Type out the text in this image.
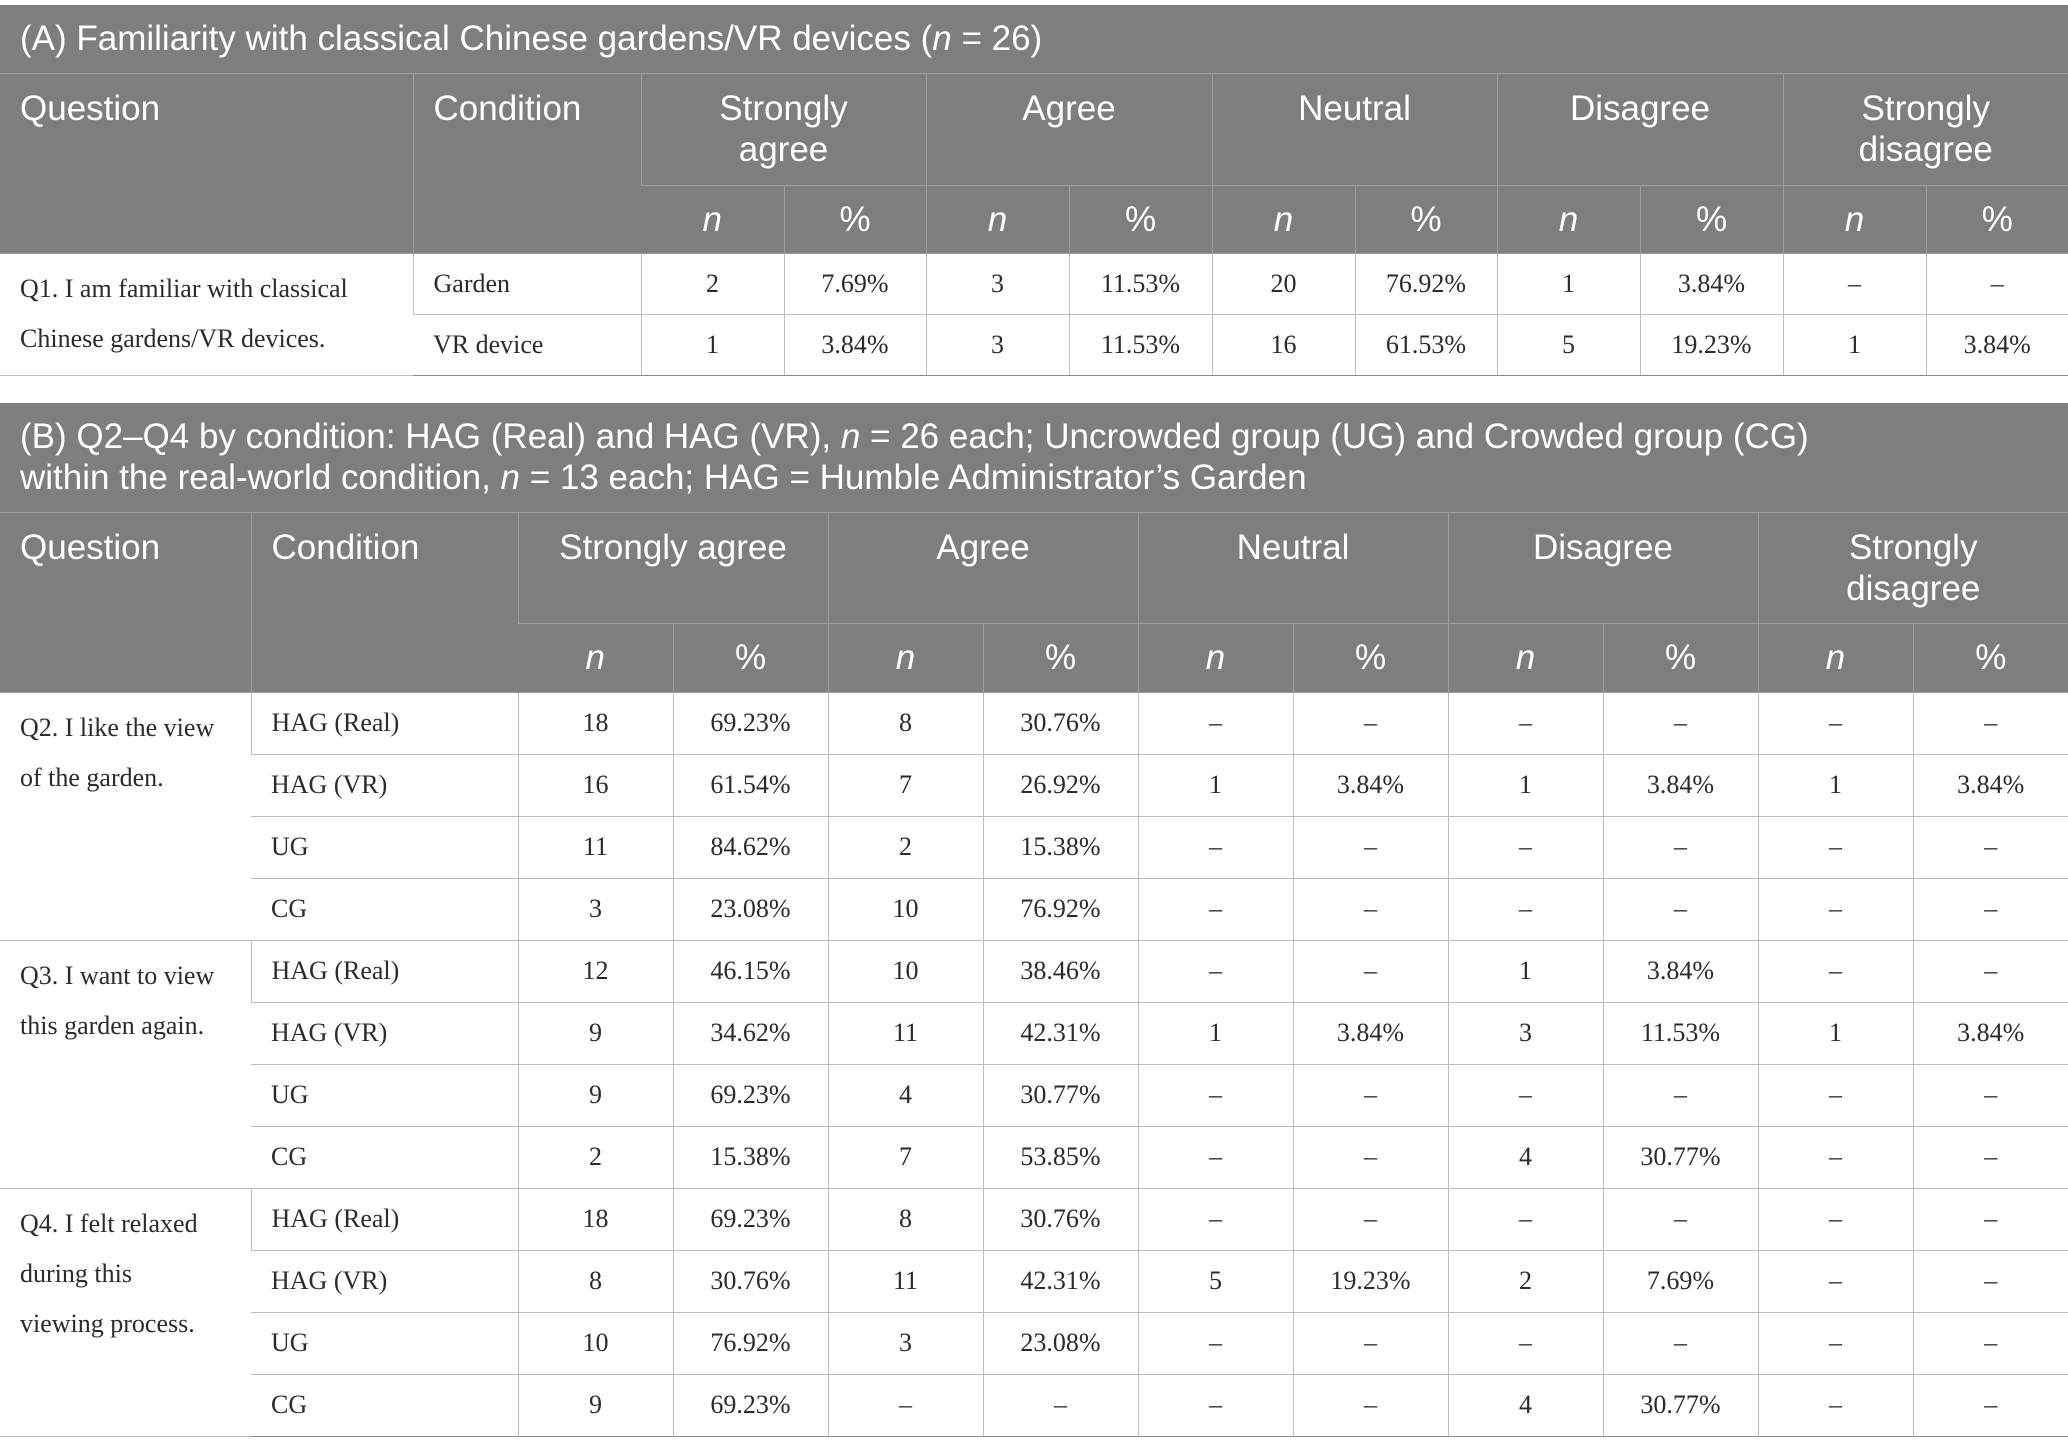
(A) Familiarity with classical Chinese gardens/VR devices (n = 26)											
Question	Condition	Strongly
agree		Agree		Neutral		Disagree		Strongly
disagree	
		n	%	n	%	n	%	n	%	n	%
Q1. I am familiar with classical Chinese gardens/VR devices.	Garden	2	7.69%	3	11.53%	20	76.92%	1	3.84%	–	–
	VR device	1	3.84%	3	11.53%	16	61.53%	5	19.23%	1	3.84%
(B) Q2–Q4 by condition: HAG (Real) and HAG (VR), n = 26 each; Uncrowded group (UG) and Crowded group (CG)
within the real-world condition, n = 13 each; HAG = Humble Administrator’s Garden											
Question	Condition	Strongly agree		Agree		Neutral		Disagree		Strongly
disagree	
		n	%	n	%	n	%	n	%	n	%
Q2. I like the view of the garden.	HAG (Real)	18	69.23%	8	30.76%	–	–	–	–	–	–
	HAG (VR)	16	61.54%	7	26.92%	1	3.84%	1	3.84%	1	3.84%
	UG	11	84.62%	2	15.38%	–	–	–	–	–	–
	CG	3	23.08%	10	76.92%	–	–	–	–	–	–
Q3. I want to view this garden again.	HAG (Real)	12	46.15%	10	38.46%	–	–	1	3.84%	–	–
	HAG (VR)	9	34.62%	11	42.31%	1	3.84%	3	11.53%	1	3.84%
	UG	9	69.23%	4	30.77%	–	–	–	–	–	–
	CG	2	15.38%	7	53.85%	–	–	4	30.77%	–	–
Q4. I felt relaxed during this viewing process.	HAG (Real)	18	69.23%	8	30.76%	–	–	–	–	–	–
	HAG (VR)	8	30.76%	11	42.31%	5	19.23%	2	7.69%	–	–
	UG	10	76.92%	3	23.08%	–	–	–	–	–	–
	CG	9	69.23%	–	–	–	–	4	30.77%	–	–
